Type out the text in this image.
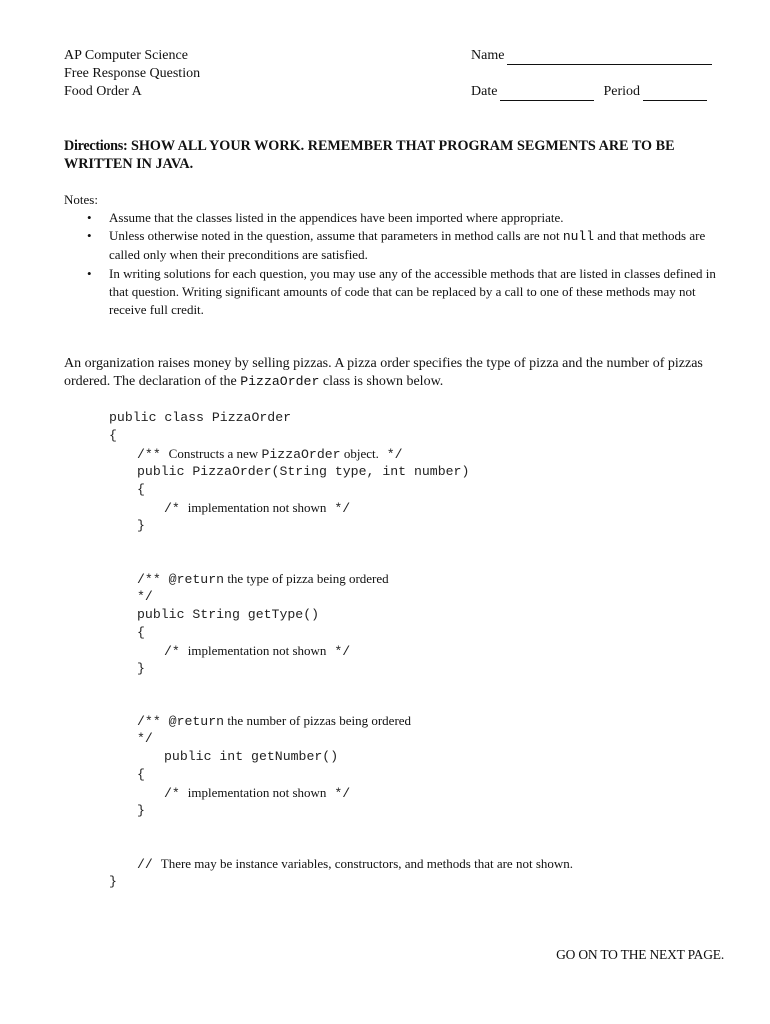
AP Computer Science
Free Response Question
Food Order A
Name
Date	Period
Directions: SHOW ALL YOUR WORK. REMEMBER THAT PROGRAM SEGMENTS ARE TO BE WRITTEN IN JAVA.
Notes:
• Assume that the classes listed in the appendices have been imported where appropriate.
• Unless otherwise noted in the question, assume that parameters in method calls are not null and that methods are called only when their preconditions are satisfied.
• In writing solutions for each question, you may use any of the accessible methods that are listed in classes defined in that question. Writing significant amounts of code that can be replaced by a call to one of these methods may not receive full credit.
An organization raises money by selling pizzas. A pizza order specifies the type of pizza and the number of pizzas ordered. The declaration of the PizzaOrder class is shown below.
public class PizzaOrder
{
/** Constructs a new PizzaOrder object. */
public PizzaOrder(String type, int number)
{
/* implementation not shown */
}
/** @return the type of pizza being ordered
*/
public String getType()
{
/* implementation not shown */
}
/** @return the number of pizzas being ordered
*/
public int getNumber()
{
/* implementation not shown */
}
// There may be instance variables, constructors, and methods that are not shown.
}
GO ON TO THE NEXT PAGE.
